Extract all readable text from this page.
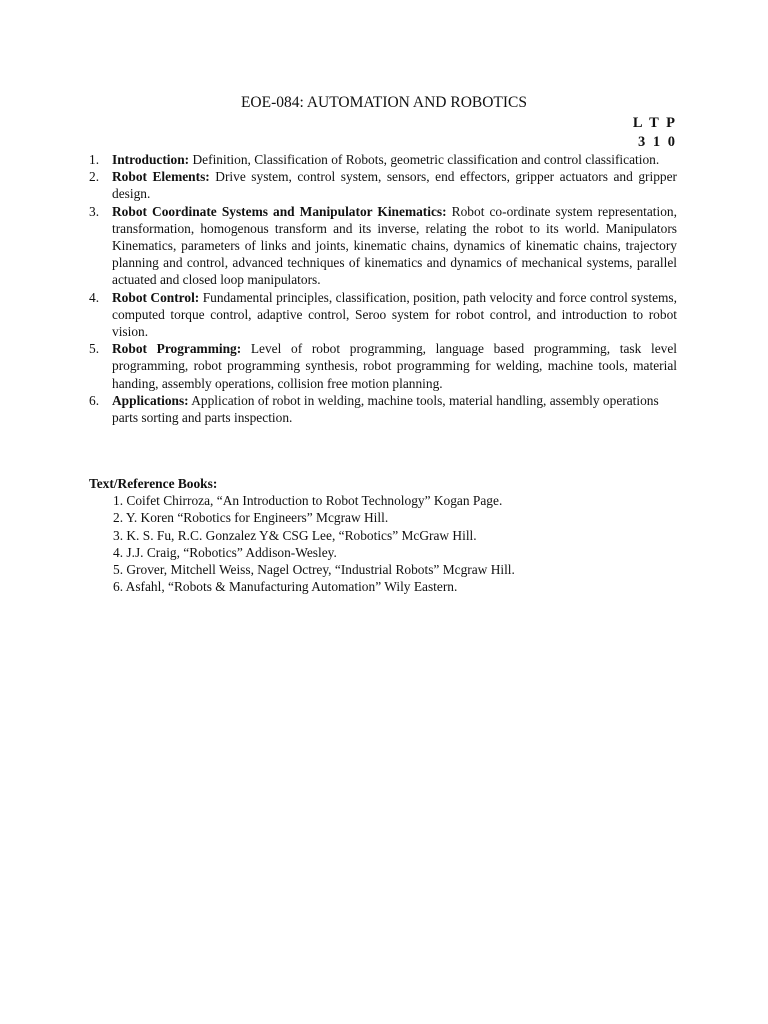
EOE-084: AUTOMATION AND ROBOTICS
L T P
3 1 0
1. Introduction: Definition, Classification of Robots, geometric classification and control classification.
2. Robot Elements: Drive system, control system, sensors, end effectors, gripper actuators and gripper design.
3. Robot Coordinate Systems and Manipulator Kinematics: Robot co-ordinate system representation, transformation, homogenous transform and its inverse, relating the robot to its world. Manipulators Kinematics, parameters of links and joints, kinematic chains, dynamics of kinematic chains, trajectory planning and control, advanced techniques of kinematics and dynamics of mechanical systems, parallel actuated and closed loop manipulators.
4. Robot Control: Fundamental principles, classification, position, path velocity and force control systems, computed torque control, adaptive control, Seroo system for robot control, and introduction to robot vision.
5. Robot Programming: Level of robot programming, language based programming, task level programming, robot programming synthesis, robot programming for welding, machine tools, material handing, assembly operations, collision free motion planning.
6. Applications: Application of robot in welding, machine tools, material handling, assembly operations parts sorting and parts inspection.
Text/Reference Books:
1. Coifet Chirroza, “An Introduction to Robot Technology” Kogan Page.
2. Y. Koren “Robotics for Engineers” Mcgraw Hill.
3. K. S. Fu, R.C. Gonzalez Y& CSG Lee, “Robotics” McGraw Hill.
4. J.J. Craig, “Robotics” Addison-Wesley.
5. Grover, Mitchell Weiss, Nagel Octrey, “Industrial Robots” Mcgraw Hill.
6. Asfahl, “Robots & Manufacturing Automation” Wily Eastern.
